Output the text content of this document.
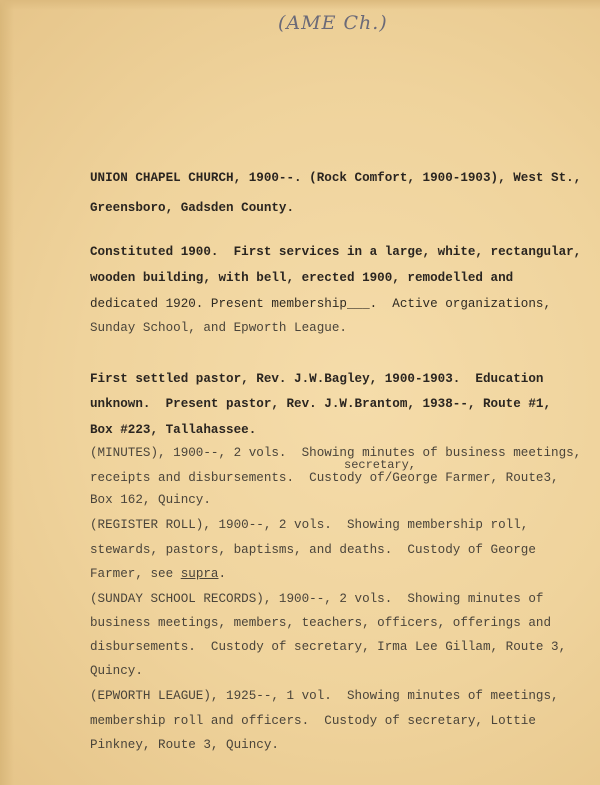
(AME Ch.)
UNION CHAPEL CHURCH, 1900--. (Rock Comfort, 1900-1903), West St.,
Greensboro, Gadsden County.
Constituted 1900.  First services in a large, white, rectangular,
wooden building, with bell, erected 1900, remodelled and
dedicated 1920. Present membership___.  Active organizations,
Sunday School, and Epworth League.
First settled pastor, Rev. J.W.Bagley, 1900-1903.  Education
unknown.  Present pastor, Rev. J.W.Brantom, 1938--, Route #1,
Box #223, Tallahassee.
(MINUTES), 1900--, 2 vols.  Showing minutes of business meetings,
secretary,
receipts and disbursements.  Custody of/George Farmer, Route3,
Box 162, Quincy.
(REGISTER ROLL), 1900--, 2 vols.  Showing membership roll,
stewards, pastors, baptisms, and deaths.  Custody of George
Farmer, see supra.
(SUNDAY SCHOOL RECORDS), 1900--, 2 vols.  Showing minutes of
business meetings, members, teachers, officers, offerings and
disbursements.  Custody of secretary, Irma Lee Gillam, Route 3,
Quincy.
(EPWORTH LEAGUE), 1925--, 1 vol.  Showing minutes of meetings,
membership roll and officers.  Custody of secretary, Lottie
Pinkney, Route 3, Quincy.
